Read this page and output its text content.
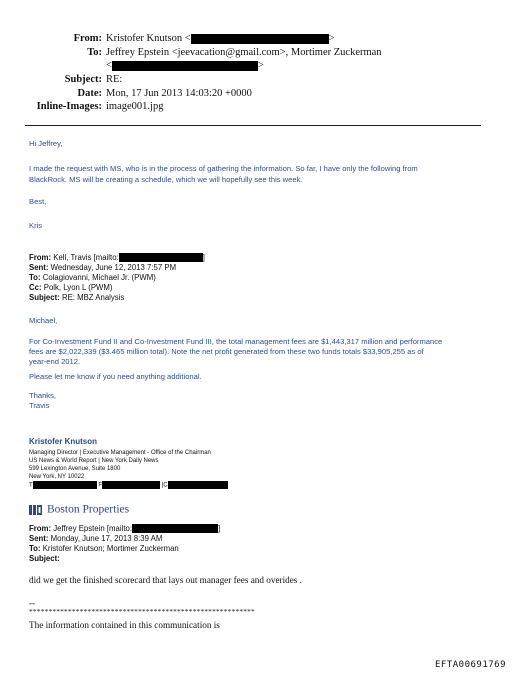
From: Kristofer Knutson <	>
To: Jeffrey Epstein <jeevacation@gmail.com>, Mortimer Zuckerman
<	>
Subject: RE:
Date: Mon, 17 Jun 2013 14:03:20 +0000
Inline-Images: image001.jpg
Hi Jeffrey,
I made the request with MS, who is in the process of gathering the information. So far, I have only the following from
BlackRock. MS will be creating a schedule, which we will hopefully see this week.
Best,
Kris
From: Kell, Travis [mailto:	]
Sent: Wednesday, June 12, 2013 7:57 PM
To: Colagiovanni, Michael Jr. (PWM)
Cc: Polk, Lyon L (PWM)
Subject: RE: MBZ Analysis
Michael,
For Co-Investment Fund II and Co-Investment Fund III, the total management fees are $1,443,317 million and performance
fees are $2,022,339 ($3.465 million total). Note the net profit generated from these two funds totals $33,905,255 as of
year-end 2012.
Please let me know if you need anything additional.
Thanks,
Travis
Kristofer Knutson
Managing Director | Executive Management - Office of the Chairman
US News & World Report | New York Daily News
599 Lexington Avenue, Suite 1800
New York, NY 10022
T	F	|C
Boston Properties
From: Jeffrey Epstein [mailto:	]
Sent: Monday, June 17, 2013 8:39 AM
To: Kristofer Knutson; Mortimer Zuckerman
Subject:
did we get the finished scorecard that lays out manager fees and overides .
--
**********************************************************
The information contained in this communication is
EFTA00691769
